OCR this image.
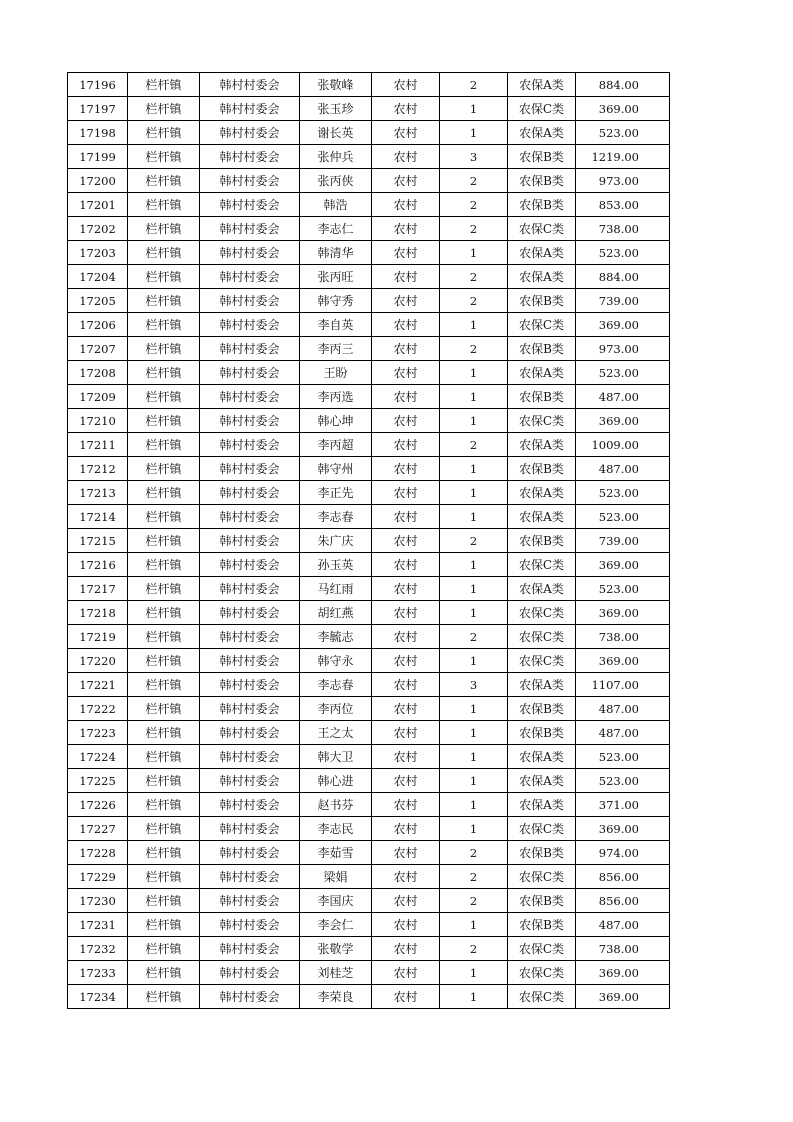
17196	栏杆镇	韩村村委会	张敬峰	农村	2	农保A类	884.00
17197	栏杆镇	韩村村委会	张玉珍	农村	1	农保C类	369.00
17198	栏杆镇	韩村村委会	谢长英	农村	1	农保A类	523.00
17199	栏杆镇	韩村村委会	张仲兵	农村	3	农保B类	1219.00
17200	栏杆镇	韩村村委会	张丙侠	农村	2	农保B类	973.00
17201	栏杆镇	韩村村委会	韩浩	农村	2	农保B类	853.00
17202	栏杆镇	韩村村委会	李志仁	农村	2	农保C类	738.00
17203	栏杆镇	韩村村委会	韩清华	农村	1	农保A类	523.00
17204	栏杆镇	韩村村委会	张丙旺	农村	2	农保A类	884.00
17205	栏杆镇	韩村村委会	韩守秀	农村	2	农保B类	739.00
17206	栏杆镇	韩村村委会	李自英	农村	1	农保C类	369.00
17207	栏杆镇	韩村村委会	李丙三	农村	2	农保B类	973.00
17208	栏杆镇	韩村村委会	王盼	农村	1	农保A类	523.00
17209	栏杆镇	韩村村委会	李丙选	农村	1	农保B类	487.00
17210	栏杆镇	韩村村委会	韩心坤	农村	1	农保C类	369.00
17211	栏杆镇	韩村村委会	李丙超	农村	2	农保A类	1009.00
17212	栏杆镇	韩村村委会	韩守州	农村	1	农保B类	487.00
17213	栏杆镇	韩村村委会	李正先	农村	1	农保A类	523.00
17214	栏杆镇	韩村村委会	李志春	农村	1	农保A类	523.00
17215	栏杆镇	韩村村委会	朱广庆	农村	2	农保B类	739.00
17216	栏杆镇	韩村村委会	孙玉英	农村	1	农保C类	369.00
17217	栏杆镇	韩村村委会	马红雨	农村	1	农保A类	523.00
17218	栏杆镇	韩村村委会	胡红燕	农村	1	农保C类	369.00
17219	栏杆镇	韩村村委会	李毓志	农村	2	农保C类	738.00
17220	栏杆镇	韩村村委会	韩守永	农村	1	农保C类	369.00
17221	栏杆镇	韩村村委会	李志春	农村	3	农保A类	1107.00
17222	栏杆镇	韩村村委会	李丙位	农村	1	农保B类	487.00
17223	栏杆镇	韩村村委会	王之太	农村	1	农保B类	487.00
17224	栏杆镇	韩村村委会	韩大卫	农村	1	农保A类	523.00
17225	栏杆镇	韩村村委会	韩心进	农村	1	农保A类	523.00
17226	栏杆镇	韩村村委会	赵书芬	农村	1	农保A类	371.00
17227	栏杆镇	韩村村委会	李志民	农村	1	农保C类	369.00
17228	栏杆镇	韩村村委会	李茹雪	农村	2	农保B类	974.00
17229	栏杆镇	韩村村委会	梁娟	农村	2	农保C类	856.00
17230	栏杆镇	韩村村委会	李国庆	农村	2	农保B类	856.00
17231	栏杆镇	韩村村委会	李会仁	农村	1	农保B类	487.00
17232	栏杆镇	韩村村委会	张敬学	农村	2	农保C类	738.00
17233	栏杆镇	韩村村委会	刘桂芝	农村	1	农保C类	369.00
17234	栏杆镇	韩村村委会	李荣良	农村	1	农保C类	369.00
